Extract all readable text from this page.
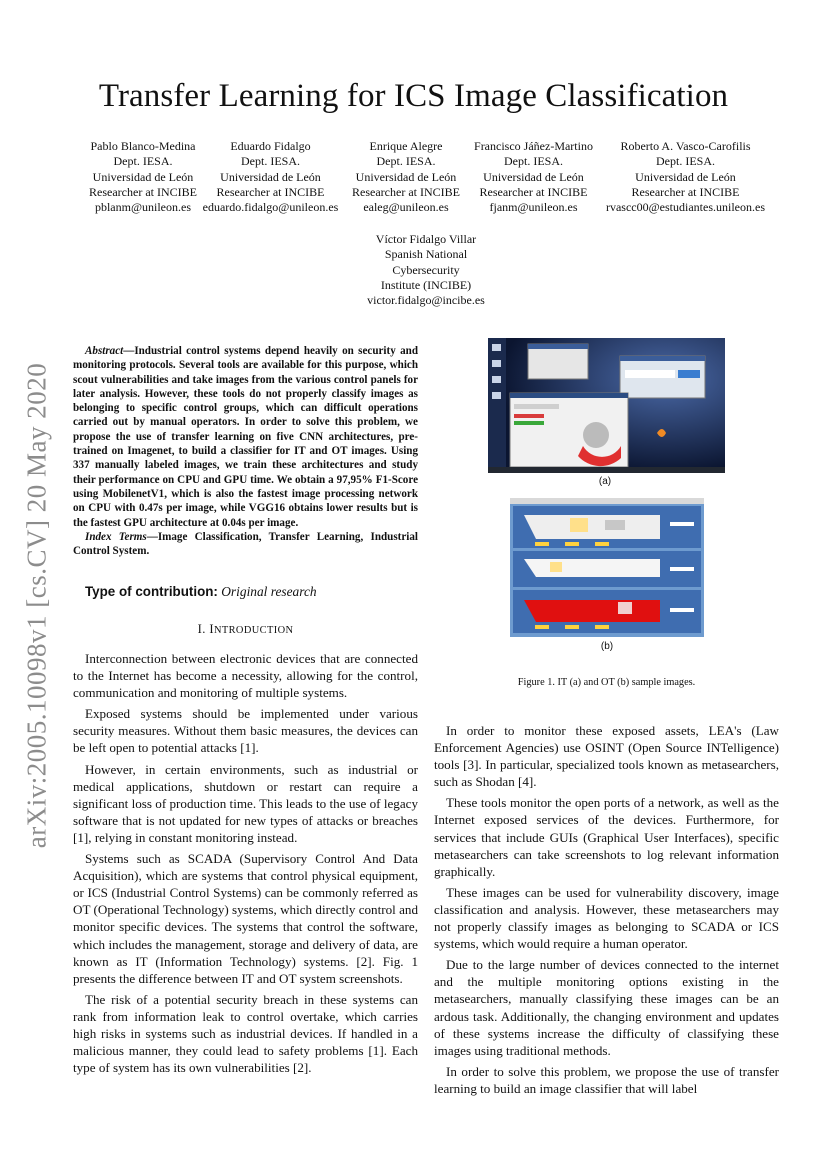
Transfer Learning for ICS Image Classification
Pablo Blanco-Medina
Dept. IESA.
Universidad de León
Researcher at INCIBE
pblanm@unileon.es
Eduardo Fidalgo
Dept. IESA.
Universidad de León
Researcher at INCIBE
eduardo.fidalgo@unileon.es
Enrique Alegre
Dept. IESA.
Universidad de León
Researcher at INCIBE
ealeg@unileon.es
Francisco Jáñez-Martino
Dept. IESA.
Universidad de León
Researcher at INCIBE
fjanm@unileon.es
Roberto A. Vasco-Carofilis
Dept. IESA.
Universidad de León
Researcher at INCIBE
rvascc00@estudiantes.unileon.es
Víctor Fidalgo Villar
Spanish National
Cybersecurity
Institute (INCIBE)
victor.fidalgo@incibe.es
arXiv:2005.10098v1 [cs.CV] 20 May 2020

Abstract—Industrial control systems depend heavily on security and monitoring protocols. Several tools are available for this purpose, which scout vulnerabilities and take images from the various control panels for later analysis. However, these tools do not properly classify images as belonging to specific control groups, which can difficult operations carried out by manual operators. In order to solve this problem, we propose the use of transfer learning on five CNN architectures, pre-trained on Imagenet, to build a classifier for IT and OT images. Using 337 manually labeled images, we train these architectures and study their performance on CPU and GPU time. We obtain a 97,95% F1-Score using MobilenetV1, which is also the fastest image processing network on CPU with 0.47s per image, while VGG16 obtains lower results but is the fastest GPU architecture at 0.04s per image.

Index Terms—Image Classification, Transfer Learning, Industrial Control System.

Type of contribution: Original research
I. INTRODUCTION

Interconnection between electronic devices that are connected to the Internet has become a necessity, allowing for the control, communication and monitoring of multiple systems.

Exposed systems should be implemented under various security measures. Without them basic measures, the devices can be left open to potential attacks [1].

However, in certain environments, such as industrial or medical applications, shutdown or restart can require a significant loss of production time. This leads to the use of legacy software that is not updated for new types of attacks or breaches [1], relying in constant monitoring instead.

Systems such as SCADA (Supervisory Control And Data Acquisition), which are systems that control physical equipment, or ICS (Industrial Control Systems) can be commonly referred as OT (Operational Technology) systems, which directly control and monitor specific devices. The systems that control the software, which includes the management, storage and delivery of data, are known as IT (Information Technology) systems. [2]. Fig. 1 presents the difference between IT and OT system screenshots.

The risk of a potential security breach in these systems can rank from information leak to control overtake, which carries high risks in systems such as industrial devices. If handled in a malicious manner, they could lead to safety problems [1]. Each type of system has its own vulnerabilities [2].

(a)
(b)
Figure 1. IT (a) and OT (b) sample images.

In order to monitor these exposed assets, LEA's (Law Enforcement Agencies) use OSINT (Open Source INTelligence) tools [3]. In particular, specialized tools known as metasearchers, such as Shodan [4].

These tools monitor the open ports of a network, as well as the Internet exposed services of the devices. Furthermore, for services that include GUIs (Graphical User Interfaces), specific metasearchers can take screenshots to log relevant information graphically.

These images can be used for vulnerability discovery, image classification and analysis. However, these metasearchers may not properly classify images as belonging to SCADA or ICS systems, which would require a human operator.

Due to the large number of devices connected to the internet and the multiple monitoring options existing in the metasearchers, manually classifying these images can be an ardous task. Additionally, the changing environment and updates of these systems increase the difficulty of classifying these images using traditional methods.

In order to solve this problem, we propose the use of transfer learning to build an image classifier that will label
